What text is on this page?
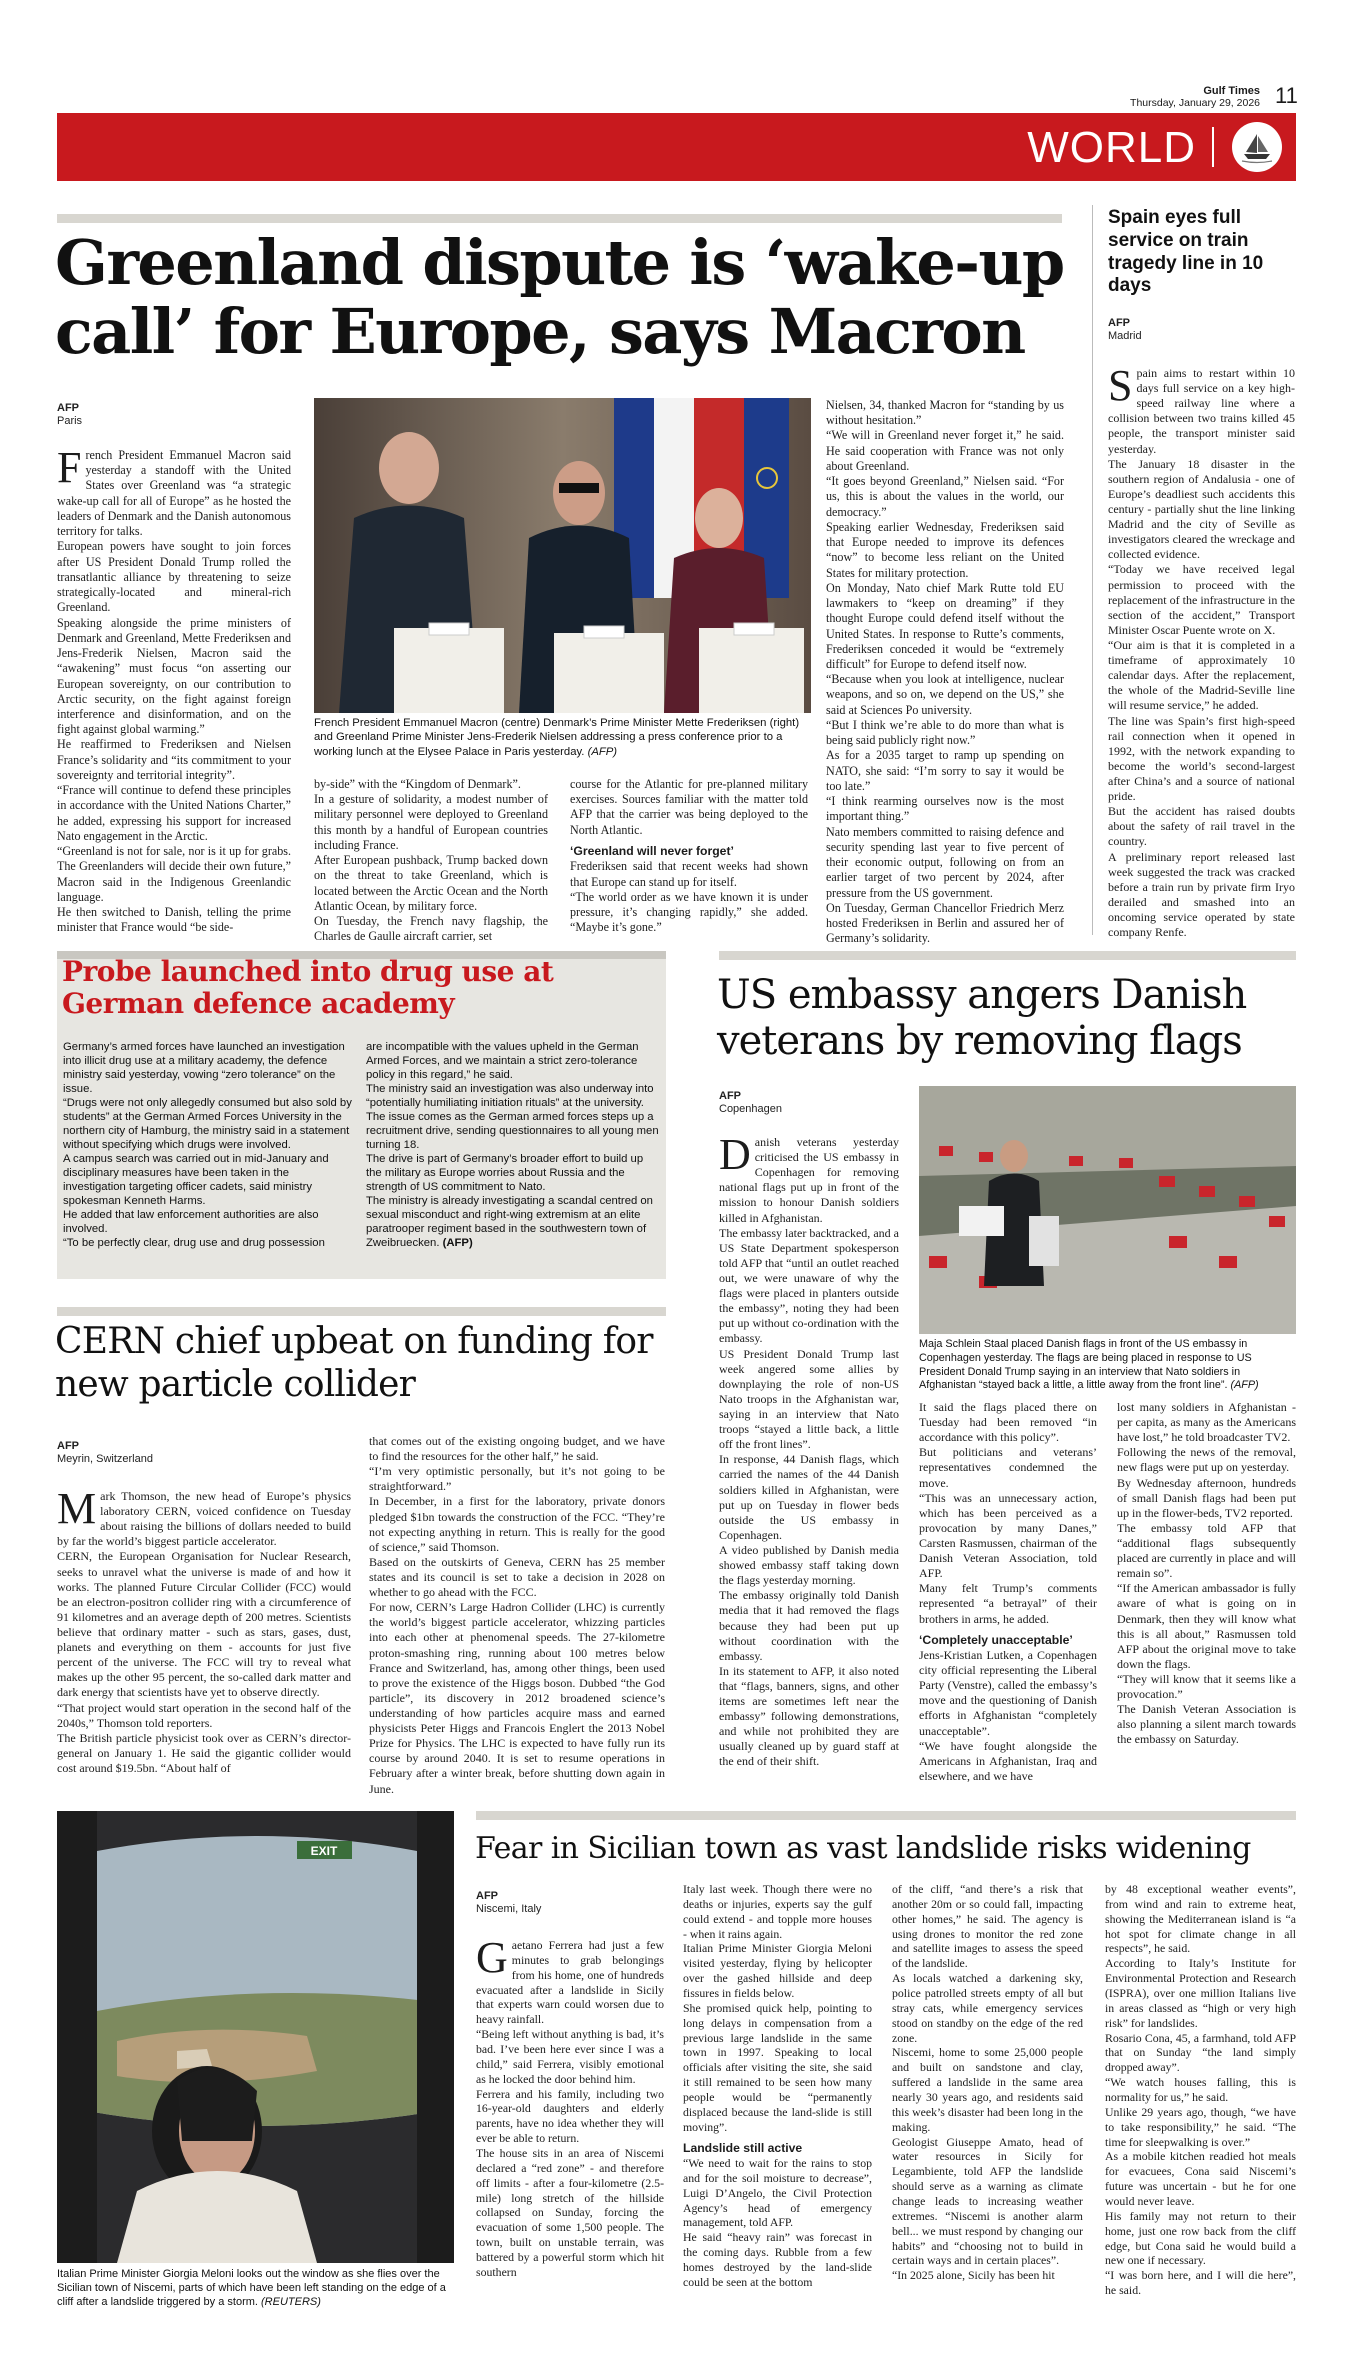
Gulf Times
Thursday, January 29, 2026 11
WORLD
Greenland dispute is ‘wake-up call’ for Europe, says Macron
AFP
Paris
French President Emmanuel Macron (centre) Denmark’s Prime Minister Mette Frederiksen (right) and Greenland Prime Minister Jens-Frederik Nielsen addressing a press conference prior to a working lunch at the Elysee Palace in Paris yesterday. (AFP)
F rench President Emmanuel Macron said yesterday a standoff with the United States over Greenland was “a strategic wake-up call for all of Europe” as he hosted the leaders of Denmark and the Danish autonomous territory for talks.

European powers have sought to join forces after US President Donald Trump rolled the transatlantic alliance by threatening to seize strategically-located and mineral-rich Greenland.

Speaking alongside the prime ministers of Denmark and Greenland, Mette Frederiksen and Jens-Frederik Nielsen, Macron said the “awakening” must focus “on asserting our European sovereignty, on our contribution to Arctic security, on the fight against foreign interference and disinformation, and on the fight against global warming.”

He reaffirmed to Frederiksen and Nielsen France’s solidarity and “its commitment to your sovereignty and territorial integrity”.

“France will continue to defend these principles in accordance with the United Nations Charter,” he added, expressing his support for increased Nato engagement in the Arctic.

“Greenland is not for sale, nor is it up for grabs. The Greenlanders will decide their own future,” Macron said in the Indigenous Greenlandic language.

He then switched to Danish, telling the prime minister that France would “be side-

by-side” with the “Kingdom of Denmark”.

In a gesture of solidarity, a modest number of military personnel were deployed to Greenland this month by a handful of European countries including France.

After European pushback, Trump backed down on the threat to take Greenland, which is located between the Arctic Ocean and the North Atlantic Ocean, by military force.

On Tuesday, the French navy flagship, the Charles de Gaulle aircraft carrier, set

course for the Atlantic for pre-planned military exercises. Sources familiar with the matter told AFP that the carrier was being deployed to the North Atlantic.

‘Greenland will never forget’

Frederiksen said that recent weeks had shown that Europe can stand up for itself.

“The world order as we have known it is under pressure, it’s changing rapidly,” she added. “Maybe it’s gone.”

Nielsen, 34, thanked Macron for “standing by us without hesitation.”

“We will in Greenland never forget it,” he said. He said cooperation with France was not only about Greenland.

“It goes beyond Greenland,” Nielsen said. “For us, this is about the values in the world, our democracy.”

Speaking earlier Wednesday, Frederiksen said that Europe needed to improve its defences “now” to become less reliant on the United States for military protection.

On Monday, Nato chief Mark Rutte told EU lawmakers to “keep on dreaming” if they thought Europe could defend itself without the United States. In response to Rutte’s comments, Frederiksen conceded it would be “extremely difficult” for Europe to defend itself now.

“Because when you look at intelligence, nuclear weapons, and so on, we depend on the US,” she said at Sciences Po university.

“But I think we’re able to do more than what is being said publicly right now.”

As for a 2035 target to ramp up spending on NATO, she said: “I’m sorry to say it would be too late.”

“I think rearming ourselves now is the most important thing.”

Nato members committed to raising defence and security spending last year to five percent of their economic output, following on from an earlier target of two percent by 2024, after pressure from the US government.

On Tuesday, German Chancellor Friedrich Merz hosted Frederiksen in Berlin and assured her of Germany’s solidarity.

Spain eyes full service on train tragedy line in 10 days
AFP
Madrid
S pain aims to restart within 10 days full service on a key high-speed railway line where a collision between two trains killed 45 people, the transport minister said yesterday.

The January 18 disaster in the southern region of Andalusia - one of Europe’s deadliest such accidents this century - partially shut the line linking Madrid and the city of Seville as investigators cleared the wreckage and collected evidence.

“Today we have received legal permission to proceed with the replacement of the infrastructure in the section of the accident,” Transport Minister Oscar Puente wrote on X.

“Our aim is that it is completed in a timeframe of approximately 10 calendar days. After the replacement, the whole of the Madrid-Seville line will resume service,” he added.

The line was Spain’s first high-speed rail connection when it opened in 1992, with the network expanding to become the world’s second-largest after China’s and a source of national pride.

But the accident has raised doubts about the safety of rail travel in the country.

A preliminary report released last week suggested the track was cracked before a train run by private firm Iryo derailed and smashed into an oncoming service operated by state company Renfe.

Probe launched into drug use at German defence academy

Germany’s armed forces have launched an investigation into illicit drug use at a military academy, the defence ministry said yesterday, vowing “zero tolerance” on the issue.

“Drugs were not only allegedly consumed but also sold by students” at the German Armed Forces University in the northern city of Hamburg, the ministry said in a statement without specifying which drugs were involved.

A campus search was carried out in mid-January and disciplinary measures have been taken in the investigation targeting officer cadets, said ministry spokesman Kenneth Harms.

He added that law enforcement authorities are also involved.

“To be perfectly clear, drug use and drug possession

are incompatible with the values upheld in the German Armed Forces, and we maintain a strict zero-tolerance policy in this regard,” he said.

The ministry said an investigation was also underway into “potentially humiliating initiation rituals” at the university.

The issue comes as the German armed forces steps up a recruitment drive, sending questionnaires to all young men turning 18.

The drive is part of Germany’s broader effort to build up the military as Europe worries about Russia and the strength of US commitment to Nato.

The ministry is already investigating a scandal centred on sexual misconduct and right-wing extremism at an elite paratrooper regiment based in the southwestern town of Zweibruecken. (AFP)

CERN chief upbeat on funding for new particle collider
AFP
Meyrin, Switzerland
M ark Thomson, the new head of Europe’s physics laboratory CERN, voiced confidence on Tuesday about raising the billions of dollars needed to build by far the world’s biggest particle accelerator.

CERN, the European Organisation for Nuclear Research, seeks to unravel what the universe is made of and how it works. The planned Future Circular Collider (FCC) would be an electron-positron collider ring with a circumference of 91 kilometres and an average depth of 200 metres. Scientists believe that ordinary matter - such as stars, gases, dust, planets and everything on them - accounts for just five percent of the universe. The FCC will try to reveal what makes up the other 95 percent, the so-called dark matter and dark energy that scientists have yet to observe directly.

“That project would start operation in the second half of the 2040s,” Thomson told reporters.

The British particle physicist took over as CERN’s director-general on January 1. He said the gigantic collider would cost around $19.5bn. “About half of

that comes out of the existing ongoing budget, and we have to find the resources for the other half,” he said.

“I’m very optimistic personally, but it’s not going to be straightforward.”

In December, in a first for the laboratory, private donors pledged $1bn towards the construction of the FCC. “They’re not expecting anything in return. This is really for the good of science,” said Thomson.

Based on the outskirts of Geneva, CERN has 25 member states and its council is set to take a decision in 2028 on whether to go ahead with the FCC.

For now, CERN’s Large Hadron Collider (LHC) is currently the world’s biggest particle accelerator, whizzing particles into each other at phenomenal speeds. The 27-kilometre proton-smashing ring, running about 100 metres below France and Switzerland, has, among other things, been used to prove the existence of the Higgs boson. Dubbed “the God particle”, its discovery in 2012 broadened science’s understanding of how particles acquire mass and earned physicists Peter Higgs and Francois Englert the 2013 Nobel Prize for Physics. The LHC is expected to have fully run its course by around 2040. It is set to resume operations in February after a winter break, before shutting down again in June.

US embassy angers Danish veterans by removing flags
AFP
Copenhagen
Maja Schlein Staal placed Danish flags in front of the US embassy in Copenhagen yesterday. The flags are being placed in response to US President Donald Trump saying in an interview that Nato soldiers in Afghanistan “stayed back a little, a little away from the front line”. (AFP)
D anish veterans yesterday criticised the US embassy in Copenhagen for removing national flags put up in front of the mission to honour Danish soldiers killed in Afghanistan.

The embassy later backtracked, and a US State Department spokesperson told AFP that “until an outlet reached out, we were unaware of why the flags were placed in planters outside the embassy”, noting they had been put up without co-ordination with the embassy.

US President Donald Trump last week angered some allies by downplaying the role of non-US Nato troops in the Afghanistan war, saying in an interview that Nato troops “stayed a little back, a little off the front lines”.

In response, 44 Danish flags, which carried the names of the 44 Danish soldiers killed in Afghanistan, were put up on Tuesday in flower beds outside the US embassy in Copenhagen.

A video published by Danish media showed embassy staff taking down the flags yesterday morning.

The embassy originally told Danish media that it had removed the flags because they had been put up without coordination with the embassy.

In its statement to AFP, it also noted that “flags, banners, signs, and other items are sometimes left near the embassy” following demonstrations, and while not prohibited they are usually cleaned up by guard staff at the end of their shift.

It said the flags placed there on Tuesday had been removed “in accordance with this policy”.

But politicians and veterans’ representatives condemned the move.

“This was an unnecessary action, which has been perceived as a provocation by many Danes,” Carsten Rasmussen, chairman of the Danish Veteran Association, told AFP.

Many felt Trump’s comments represented “a betrayal” of their brothers in arms, he added.

‘Completely unacceptable’

Jens-Kristian Lutken, a Copenhagen city official representing the Liberal Party (Venstre), called the embassy’s move and the questioning of Danish efforts in Afghanistan “completely unacceptable”.

“We have fought alongside the Americans in Afghanistan, Iraq and elsewhere, and we have

lost many soldiers in Afghanistan - per capita, as many as the Americans have lost,” he told broadcaster TV2.

Following the news of the removal, new flags were put up on yesterday.

By Wednesday afternoon, hundreds of small Danish flags had been put up in the flower-beds, TV2 reported.

The embassy told AFP that “additional flags subsequently placed are currently in place and will remain so”.

“If the American ambassador is fully aware of what is going on in Denmark, then they will know what this is all about,” Rasmussen told AFP about the original move to take down the flags.

“They will know that it seems like a provocation.”

The Danish Veteran Association is also planning a silent march towards the embassy on Saturday.

EXIT
Italian Prime Minister Giorgia Meloni looks out the window as she flies over the Sicilian town of Niscemi, parts of which have been left standing on the edge of a cliff after a landslide triggered by a storm. (REUTERS)
Fear in Sicilian town as vast landslide risks widening
AFP
Niscemi, Italy
G aetano Ferrera had just a few minutes to grab belongings from his home, one of hundreds evacuated after a landslide in Sicily that experts warn could worsen due to heavy rainfall.

“Being left without anything is bad, it’s bad. I’ve been here ever since I was a child,” said Ferrera, visibly emotional as he locked the door behind him.

Ferrera and his family, including two 16-year-old daughters and elderly parents, have no idea whether they will ever be able to return.

The house sits in an area of Niscemi declared a “red zone” - and therefore off limits - after a four-kilometre (2.5-mile) long stretch of the hillside collapsed on Sunday, forcing the evacuation of some 1,500 people. The town, built on unstable terrain, was battered by a powerful storm which hit southern

Italy last week. Though there were no deaths or injuries, experts say the gulf could extend - and topple more houses - when it rains again.

Italian Prime Minister Giorgia Meloni visited yesterday, flying by helicopter over the gashed hillside and deep fissures in fields below.

She promised quick help, pointing to long delays in compensation from a previous large landslide in the same town in 1997. Speaking to local officials after visiting the site, she said it still remained to be seen how many people would be “permanently displaced because the land-slide is still moving”.

Landslide still active

“We need to wait for the rains to stop and for the soil moisture to decrease”, Luigi D’Angelo, the Civil Protection Agency’s head of emergency management, told AFP.

He said “heavy rain” was forecast in the coming days. Rubble from a few homes destroyed by the land-slide could be seen at the bottom

of the cliff, “and there’s a risk that another 20m or so could fall, impacting other homes,” he said. The agency is using drones to monitor the red zone and satellite images to assess the speed of the landslide.

As locals watched a darkening sky, police patrolled streets empty of all but stray cats, while emergency services stood on standby on the edge of the red zone.

Niscemi, home to some 25,000 people and built on sandstone and clay, suffered a landslide in the same area nearly 30 years ago, and residents said this week’s disaster had been long in the making.

Geologist Giuseppe Amato, head of water resources in Sicily for Legambiente, told AFP the landslide should serve as a warning as climate change leads to increasing weather extremes. “Niscemi is another alarm bell... we must respond by changing our habits” and “choosing not to build in certain ways and in certain places”.

“In 2025 alone, Sicily has been hit

by 48 exceptional weather events”, from wind and rain to extreme heat, showing the Mediterranean island is “a hot spot for climate change in all respects”, he said.

According to Italy’s Institute for Environmental Protection and Research (ISPRA), over one million Italians live in areas classed as “high or very high risk” for landslides.

Rosario Cona, 45, a farmhand, told AFP that on Sunday “the land simply dropped away”.

“We watch houses falling, this is normality for us,” he said.

Unlike 29 years ago, though, “we have to take responsibility,” he said. “The time for sleepwalking is over.”

As a mobile kitchen readied hot meals for evacuees, Cona said Niscemi’s future was uncertain - but he for one would never leave.

His family may not return to their home, just one row back from the cliff edge, but Cona said he would build a new one if necessary.

“I was born here, and I will die here”, he said.
